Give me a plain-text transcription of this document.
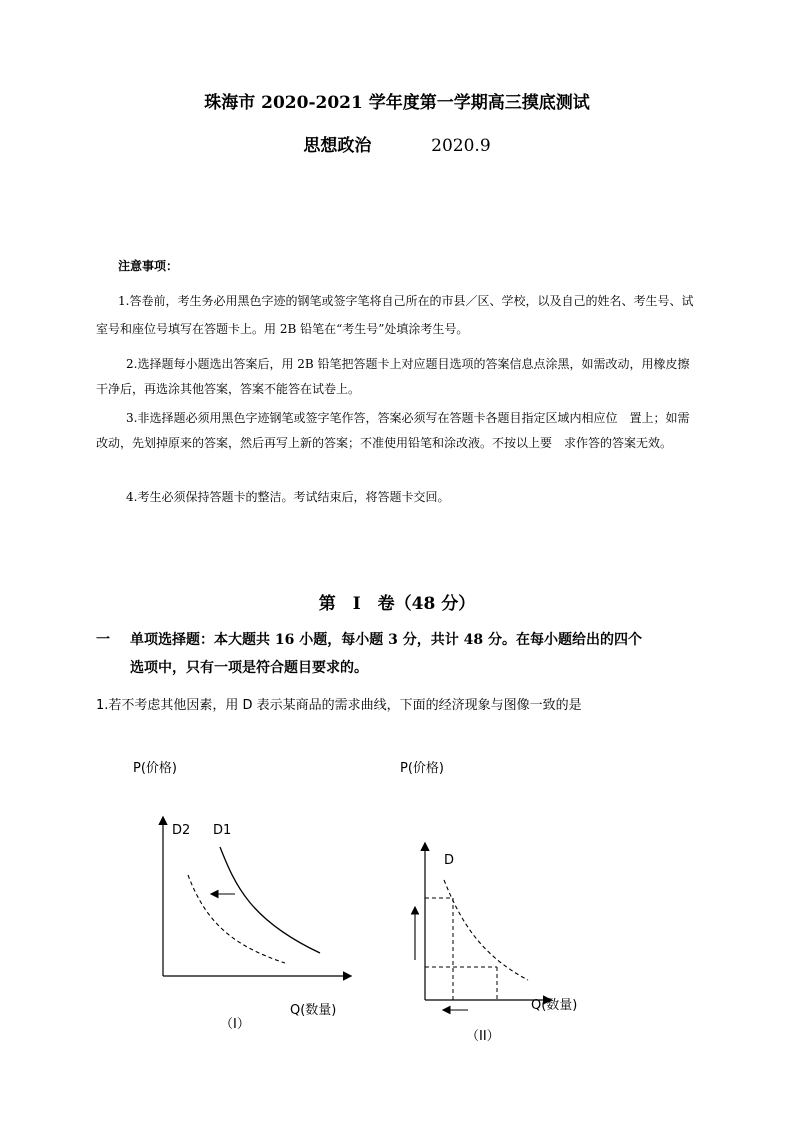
珠海市 2020-2021 学年度第一学期高三摸底测试
思想政治	2020.9
注意事项：
1.答卷前，考生务必用黑色字迹的钢笔或签字笔将自己所在的市县／区、学校，以及自己的姓名、考生号、试室号和座位号填写在答题卡上。用 2B 铅笔在“考生号”处填涂考生号。
2.选择题每小题选出答案后，用 2B 铅笔把答题卡上对应题目选项的答案信息点涂黑，如需改动，用橡皮擦干净后，再选涂其他答案，答案不能答在试卷上。
3.非选择题必须用黑色字迹钢笔或签字笔作答，答案必须写在答题卡各题目指定区域内相应位　置上；如需改动，先划掉原来的答案，然后再写上新的答案；不准使用铅笔和涂改液。不按以上要　求作答的答案无效。
4.考生必须保持答题卡的整洁。考试结束后，将答题卡交回。
第　I　卷（48 分）
一 单项选择题：本大题共 16 小题，每小题 3 分，共计 48 分。在每小题给出的四个
选项中，只有一项是符合题目要求的。
1.若不考虑其他因素，用 D 表示某商品的需求曲线，下面的经济现象与图像一致的是
P(价格)
D2 D1
Q(数量)
（I）
P(价格)
D
Q(数量)
（II）
